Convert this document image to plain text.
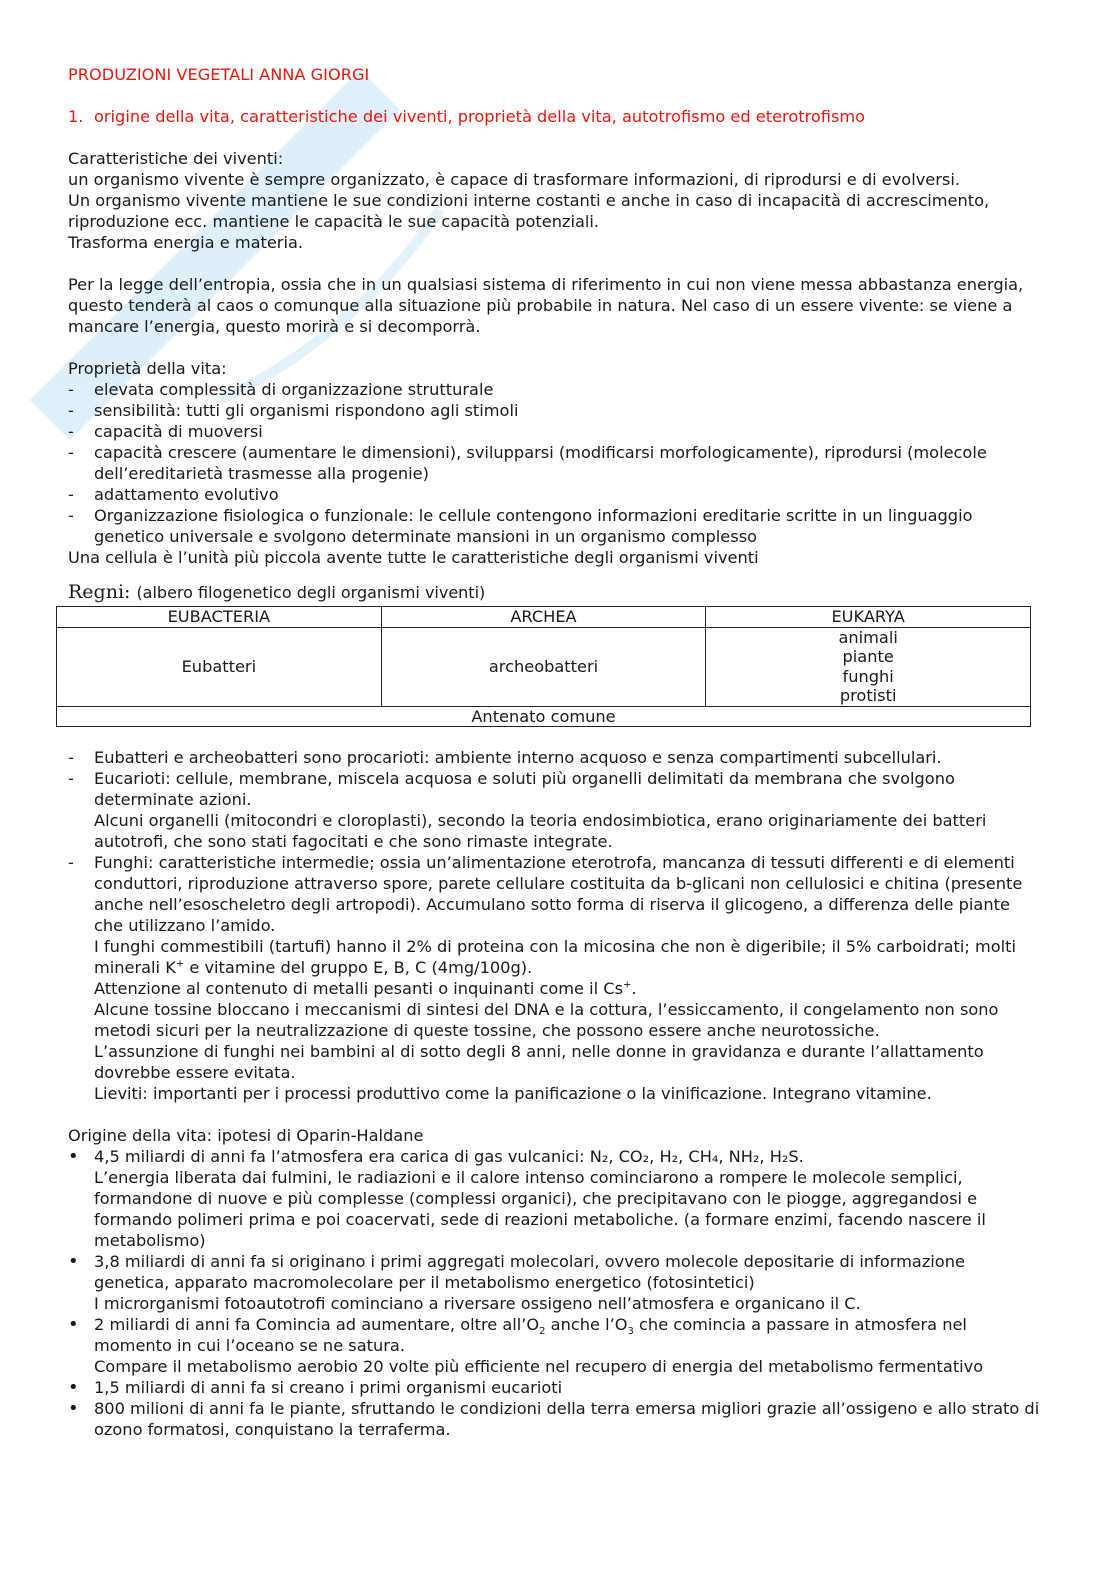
PRODUZIONI VEGETALI ANNA GIORGI

1. origine della vita, caratteristiche dei viventi, proprietà della vita, autotrofismo ed eterotrofismo

Caratteristiche dei viventi:

un organismo vivente è sempre organizzato, è capace di trasformare informazioni, di riprodursi e di evolversi.

Un organismo vivente mantiene le sue condizioni interne costanti e anche in caso di incapacità di accrescimento, riproduzione ecc. mantiene le capacità le sue capacità potenziali.

Trasforma energia e materia.

Per la legge dell’entropia, ossia che in un qualsiasi sistema di riferimento in cui non viene messa abbastanza energia, questo tenderà al caos o comunque alla situazione più probabile in natura. Nel caso di un essere vivente: se viene a mancare l’energia, questo morirà e si decomporrà.

Proprietà della vita:

- elevata complessità di organizzazione strutturale
- sensibilità: tutti gli organismi rispondono agli stimoli
- capacità di muoversi
- capacità crescere (aumentare le dimensioni), svilupparsi (modificarsi morfologicamente), riprodursi (molecole dell’ereditarietà trasmesse alla progenie)
- adattamento evolutivo
- Organizzazione fisiologica o funzionale: le cellule contengono informazioni ereditarie scritte in un linguaggio genetico universale e svolgono determinate mansioni in un organismo complesso

Una cellula è l’unità più piccola avente tutte le caratteristiche degli organismi viventi

Regni: (albero filogenetico degli organismi viventi)
EUBACTERIA	ARCHEA	EUKARYA
Eubatteri	archeobatteri	animali
piante
funghi
protisti

Antenato comune		
- Eubatteri e archeobatteri sono procarioti: ambiente interno acquoso e senza compartimenti subcellulari.
- Eucarioti: cellule, membrane, miscela acquosa e soluti più organelli delimitati da membrana che svolgono determinate azioni.
Alcuni organelli (mitocondri e cloroplasti), secondo la teoria endosimbiotica, erano originariamente dei batteri autotrofi, che sono stati fagocitati e che sono rimaste integrate.
- Funghi: caratteristiche intermedie; ossia un’alimentazione eterotrofa, mancanza di tessuti differenti e di elementi conduttori, riproduzione attraverso spore, parete cellulare costituita da b-glicani non cellulosici e chitina (presente anche nell’esoscheletro degli artropodi). Accumulano sotto forma di riserva il glicogeno, a differenza delle piante che utilizzano l’amido.
I funghi commestibili (tartufi) hanno il 2% di proteina con la micosina che non è digeribile; il 5% carboidrati; molti minerali K+ e vitamine del gruppo E, B, C (4mg/100g).
Attenzione al contenuto di metalli pesanti o inquinanti come il Cs+.
Alcune tossine bloccano i meccanismi di sintesi del DNA e la cottura, l’essiccamento, il congelamento non sono metodi sicuri per la neutralizzazione di queste tossine, che possono essere anche neurotossiche.
L’assunzione di funghi nei bambini al di sotto degli 8 anni, nelle donne in gravidanza e durante l’allattamento dovrebbe essere evitata.
Lieviti: importanti per i processi produttivo come la panificazione o la vinificazione. Integrano vitamine.

Origine della vita: ipotesi di Oparin-Haldane

• 4,5 miliardi di anni fa l’atmosfera era carica di gas vulcanici: N₂, CO₂, H₂, CH₄, NH₂, H₂S.
L’energia liberata dai fulmini, le radiazioni e il calore intenso cominciarono a rompere le molecole semplici, formandone di nuove e più complesse (complessi organici), che precipitavano con le piogge, aggregandosi e formando polimeri prima e poi coacervati, sede di reazioni metaboliche. (a formare enzimi, facendo nascere il metabolismo)
• 3,8 miliardi di anni fa si originano i primi aggregati molecolari, ovvero molecole depositarie di informazione genetica, apparato macromolecolare per il metabolismo energetico (fotosintetici)
I microrganismi fotoautotrofi cominciano a riversare ossigeno nell’atmosfera e organicano il C.
• 2 miliardi di anni fa Comincia ad aumentare, oltre $all’O_2$ anche $l’O_3$ che comincia a passare in atmosfera nel momento in cui l’oceano se ne satura.
Compare il metabolismo aerobio 20 volte più efficiente nel recupero di energia del metabolismo fermentativo
• 1,5 miliardi di anni fa si creano i primi organismi eucarioti
• 800 milioni di anni fa le piante, sfruttando le condizioni della terra emersa migliori grazie all’ossigeno e allo strato di ozono formatosi, conquistano la terraferma.
